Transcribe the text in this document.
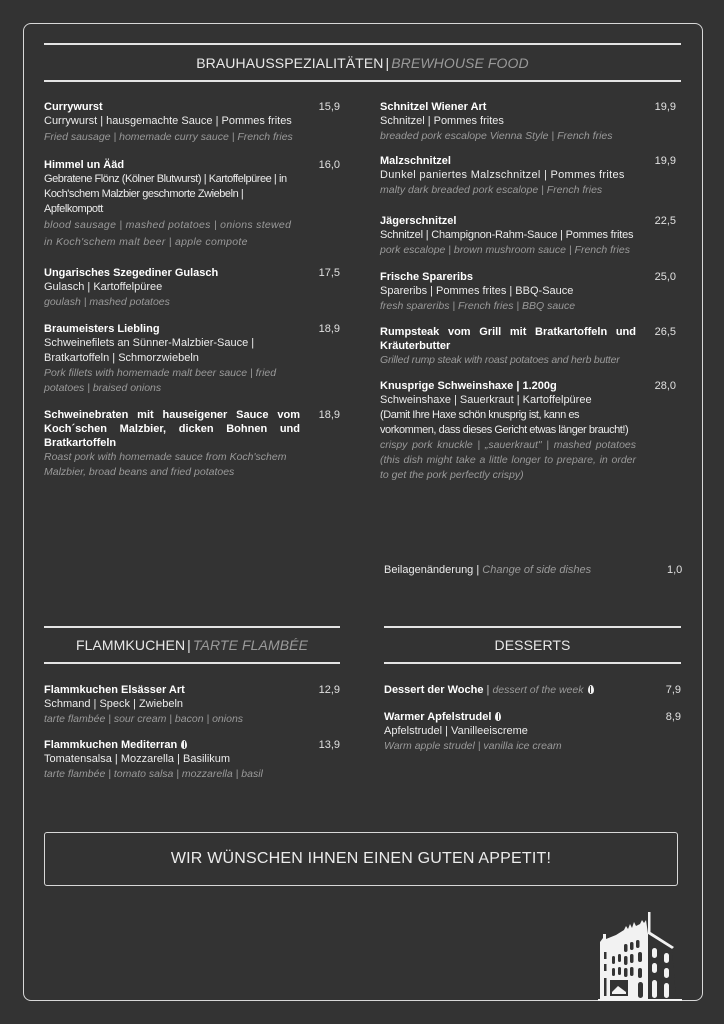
BRAUHAUSSPEZIALITÄTEN | BREWHOUSE FOOD
Currywurst
Currywurst | hausgemachte Sauce | Pommes frites
Fried sausage | homemade curry sauce | French fries
15,9
Himmel un Ääd
Gebratene Flönz (Kölner Blutwurst) | Kartoffelpüree | in Koch'schem Malzbier geschmorte Zwiebeln | Apfelkompott
blood sausage | mashed potatoes | onions stewed in Koch'schem malt beer | apple compote
16,0
Ungarisches Szegediner Gulasch
Gulasch | Kartoffelpüree
goulash | mashed potatoes
17,5
Braumeisters Liebling
Schweinefilets an Sünner-Malzbier-Sauce | Bratkartoffeln | Schmorzwiebeln
Pork fillets with homemade malt beer sauce | fried potatoes | braised onions
18,9
Schweinebraten mit hauseigener Sauce vom Koch´schen Malzbier, dicken Bohnen und Bratkartoffeln
Roast pork with homemade sauce from Koch'schem Malzbier, broad beans and fried potatoes
18,9
Schnitzel Wiener Art
Schnitzel | Pommes frites
breaded pork escalope Vienna Style | French fries
19,9
Malzschnitzel
Dunkel paniertes Malzschnitzel | Pommes frites
malty dark breaded pork escalope | French fries
19,9
Jägerschnitzel
Schnitzel | Champignon-Rahm-Sauce | Pommes frites
pork escalope | brown mushroom sauce | French fries
22,5
Frische Spareribs
Spareribs | Pommes frites | BBQ-Sauce
fresh spareribs | French fries | BBQ sauce
25,0
Rumpsteak vom Grill mit Bratkartoffeln und Kräuterbutter
Grilled rump steak with roast potatoes and herb butter
26,5
Knusprige Schweinshaxe | 1.200g
Schweinshaxe | Sauerkraut | Kartoffelpüree
(Damit Ihre Haxe schön knusprig ist, kann es vorkommen, dass dieses Gericht etwas länger braucht!)
crispy pork knuckle | „sauerkraut" | mashed potatoes (this dish might take a little longer to prepare, in order to get the pork perfectly crispy)
28,0
Beilagenänderung | Change of side dishes	1,0
FLAMMKUCHEN | TARTE FLAMBÉE
Flammkuchen Elsässer Art
Schmand | Speck | Zwiebeln
tarte flambée | sour cream | bacon | onions
12,9
Flammkuchen Mediterran
Tomatensalsa | Mozzarella | Basilikum
tarte flambée | tomato salsa | mozzarella | basil
13,9
DESSERTS
Dessert der Woche | dessert of the week	7,9
Warmer Apfelstrudel
Apfelstrudel | Vanilleeiscreme
Warm apple strudel | vanilla ice cream
8,9
WIR WÜNSCHEN IHNEN EINEN GUTEN APPETIT!
